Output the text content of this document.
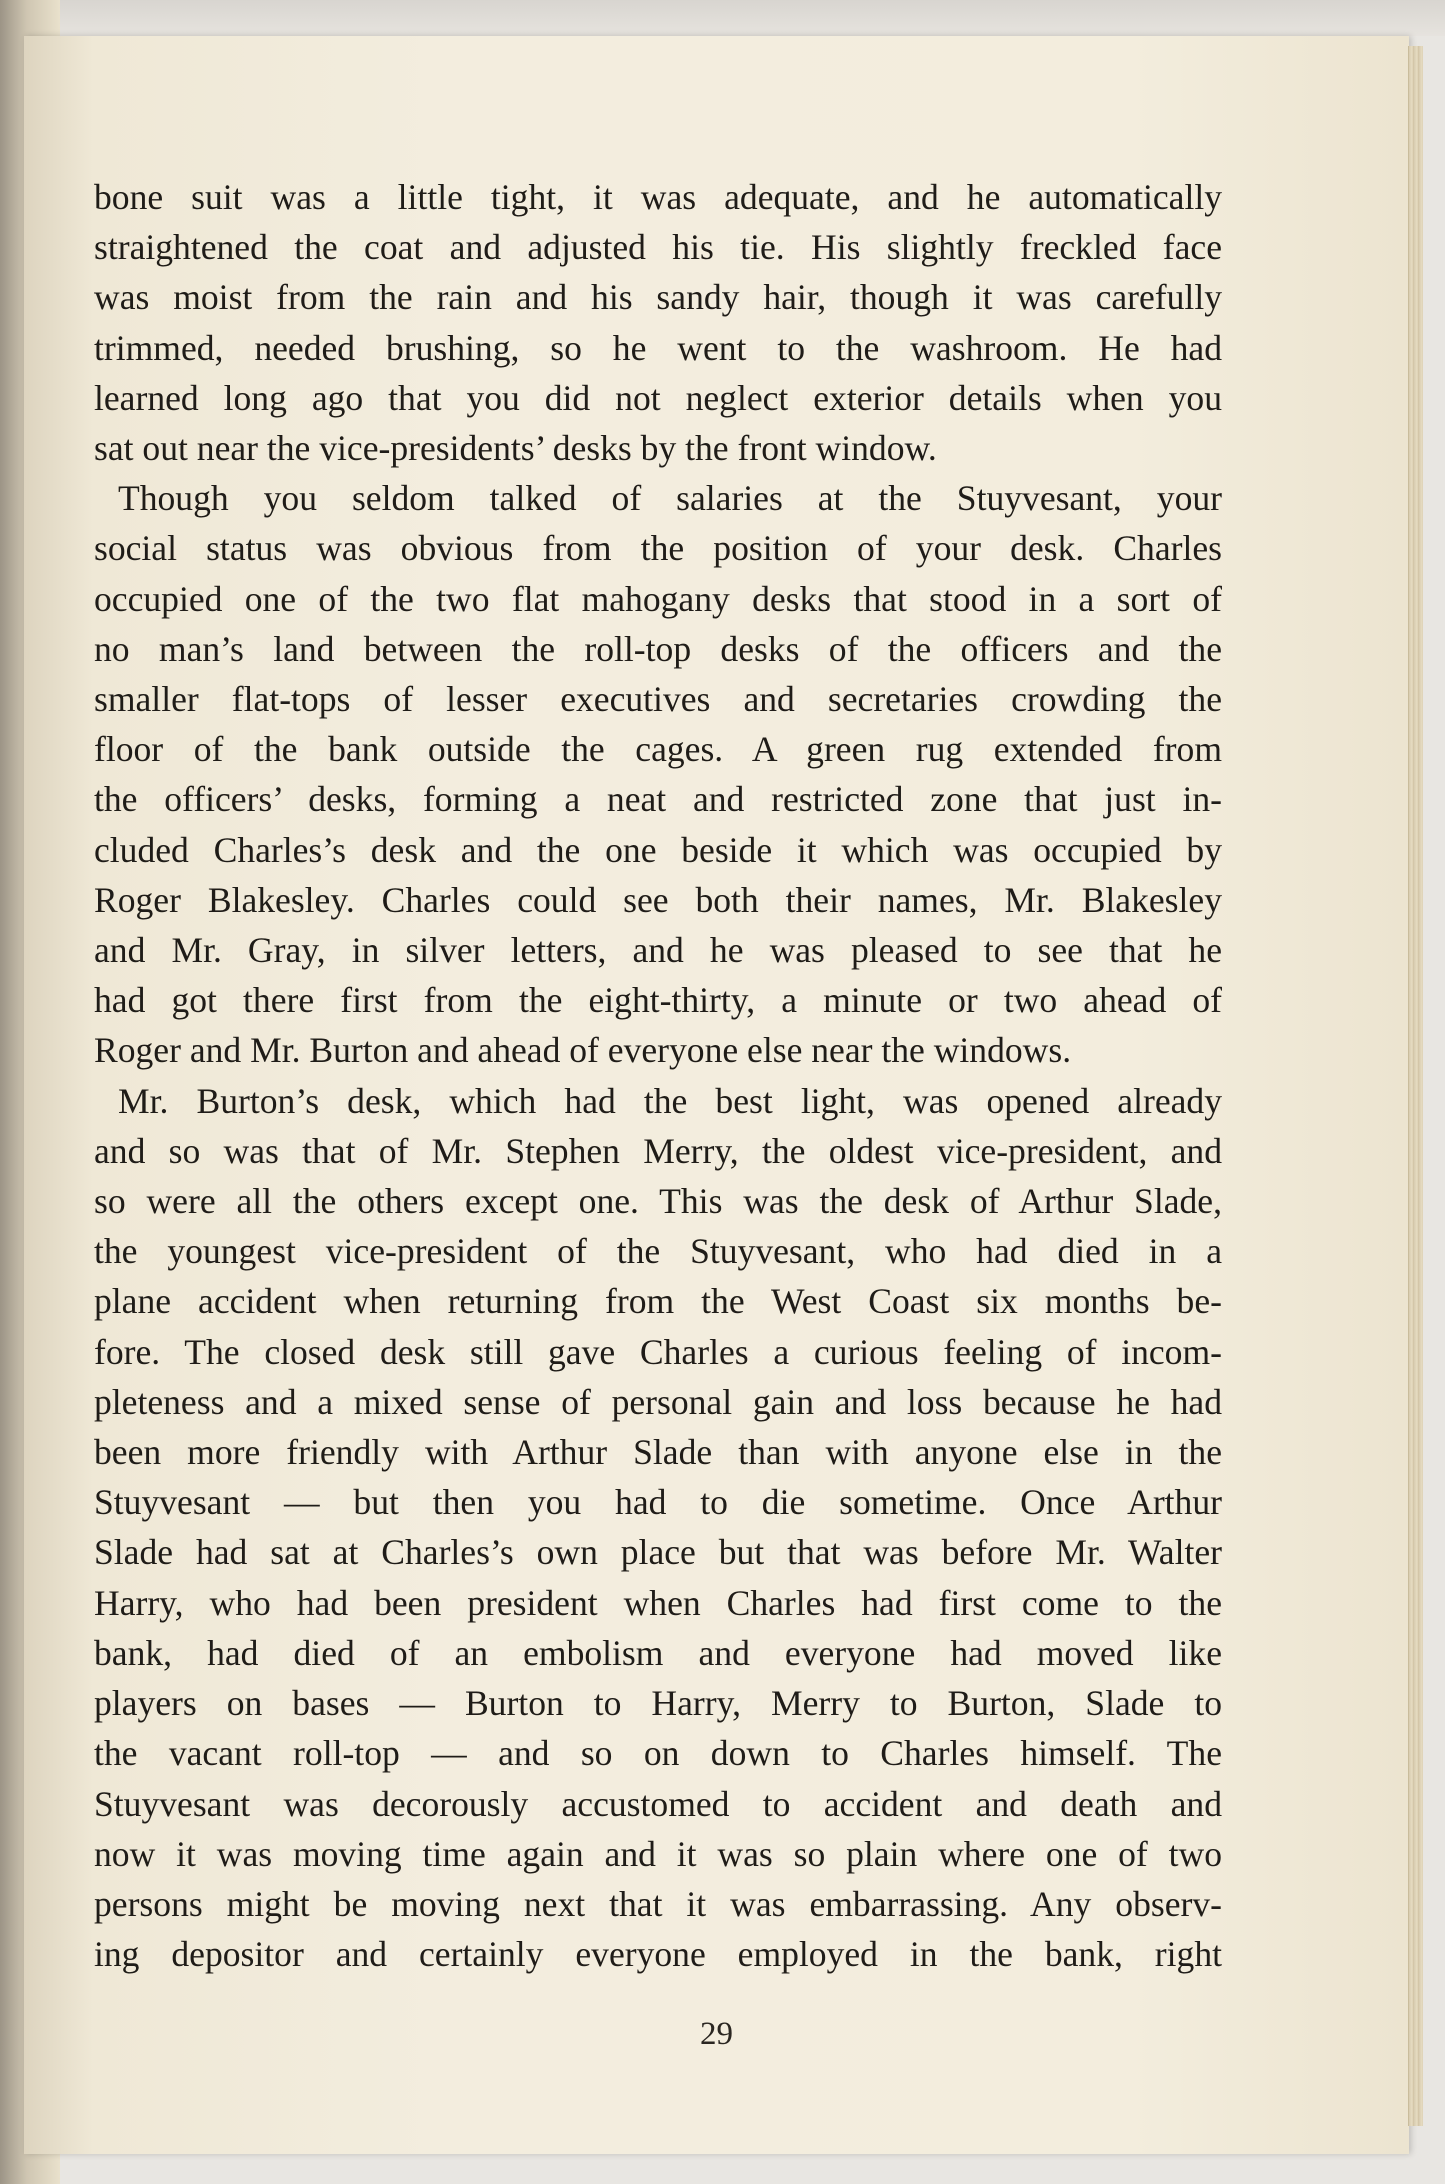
bone suit was a little tight, it was adequate, and he automatically
straightened the coat and adjusted his tie. His slightly freckled face
was moist from the rain and his sandy hair, though it was carefully
trimmed, needed brushing, so he went to the washroom. He had
learned long ago that you did not neglect exterior details when you
sat out near the vice-presidents’ desks by the front window.

Though you seldom talked of salaries at the Stuyvesant, your
social status was obvious from the position of your desk. Charles
occupied one of the two flat mahogany desks that stood in a sort of
no man’s land between the roll-top desks of the officers and the
smaller flat-tops of lesser executives and secretaries crowding the
floor of the bank outside the cages. A green rug extended from
the officers’ desks, forming a neat and restricted zone that just in-
cluded Charles’s desk and the one beside it which was occupied by
Roger Blakesley. Charles could see both their names, Mr. Blakesley
and Mr. Gray, in silver letters, and he was pleased to see that he
had got there first from the eight-thirty, a minute or two ahead of
Roger and Mr. Burton and ahead of everyone else near the windows.

Mr. Burton’s desk, which had the best light, was opened already
and so was that of Mr. Stephen Merry, the oldest vice-president, and
so were all the others except one. This was the desk of Arthur Slade,
the youngest vice-president of the Stuyvesant, who had died in a
plane accident when returning from the West Coast six months be-
fore. The closed desk still gave Charles a curious feeling of incom-
pleteness and a mixed sense of personal gain and loss because he had
been more friendly with Arthur Slade than with anyone else in the
Stuyvesant — but then you had to die sometime. Once Arthur
Slade had sat at Charles’s own place but that was before Mr. Walter
Harry, who had been president when Charles had first come to the
bank, had died of an embolism and everyone had moved like
players on bases — Burton to Harry, Merry to Burton, Slade to
the vacant roll-top — and so on down to Charles himself. The
Stuyvesant was decorously accustomed to accident and death and
now it was moving time again and it was so plain where one of two
persons might be moving next that it was embarrassing. Any observ-
ing depositor and certainly everyone employed in the bank, right

29
